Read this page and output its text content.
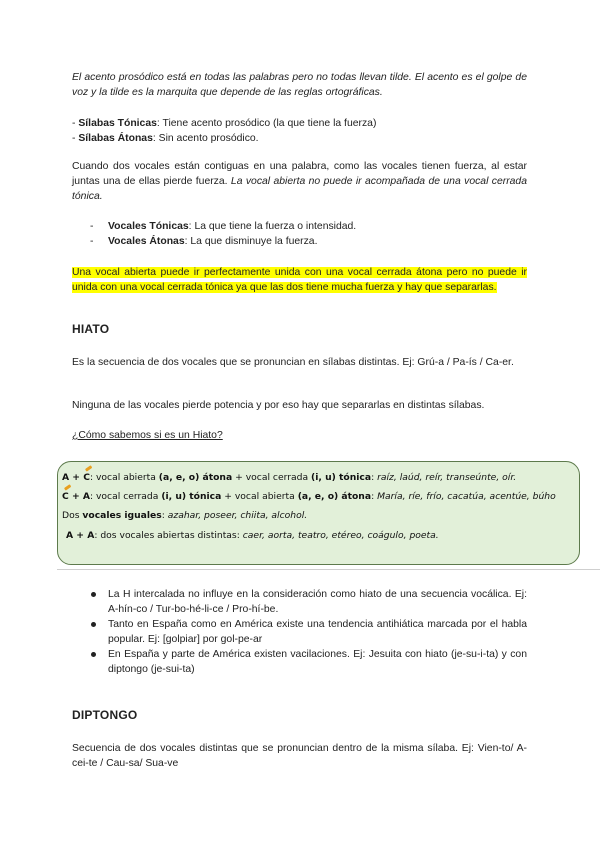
El acento prosódico está en todas las palabras pero no todas llevan tilde. El acento es el golpe de voz y la tilde es la marquita que depende de las reglas ortográficas.

- Sílabas Tónicas: Tiene acento prosódico (la que tiene la fuerza)
- Sílabas Átonas: Sin acento prosódico.

Cuando dos vocales están contiguas en una palabra, como las vocales tienen fuerza, al estar juntas una de ellas pierde fuerza. La vocal abierta no puede ir acompañada de una vocal cerrada tónica.

- Vocales Tónicas: La que tiene la fuerza o intensidad.
- Vocales Átonas: La que disminuye la fuerza.

Una vocal abierta puede ir perfectamente unida con una vocal cerrada átona pero no puede ir unida con una vocal cerrada tónica ya que las dos tiene mucha fuerza y hay que separarlas.

HIATO

Es la secuencia de dos vocales que se pronuncian en sílabas distintas. Ej: Grú-a / Pa-ís / Ca-er.

Ninguna de las vocales pierde potencia y por eso hay que separarlas en distintas sílabas.

¿Cómo sabemos si es un Hiato?

A + C: vocal abierta (a, e, o) átona + vocal cerrada (i, u) tónica: raíz, laúd, reír, transeúnte, oír.
C + A: vocal cerrada (i, u) tónica + vocal abierta (a, e, o) átona: María, ríe, frío, cacatúa, acentúe, búho
Dos vocales iguales: azahar, poseer, chiita, alcohol.
A + A: dos vocales abiertas distintas: caer, aorta, teatro, etéreo, coágulo, poeta.
La H intercalada no influye en la consideración como hiato de una secuencia vocálica. Ej: A-hín-co / Tur-bo-hé-li-ce / Pro-hí-be.
Tanto en España como en América existe una tendencia antihiática marcada por el habla popular. Ej: [golpiar] por gol-pe-ar
En España y parte de América existen vacilaciones. Ej: Jesuita con hiato (je-su-i-ta) y con diptongo (je-sui-ta)
DIPTONGO

Secuencia de dos vocales distintas que se pronuncian dentro de la misma sílaba. Ej: Vien-to/ A-cei-te / Cau-sa/ Sua-ve
